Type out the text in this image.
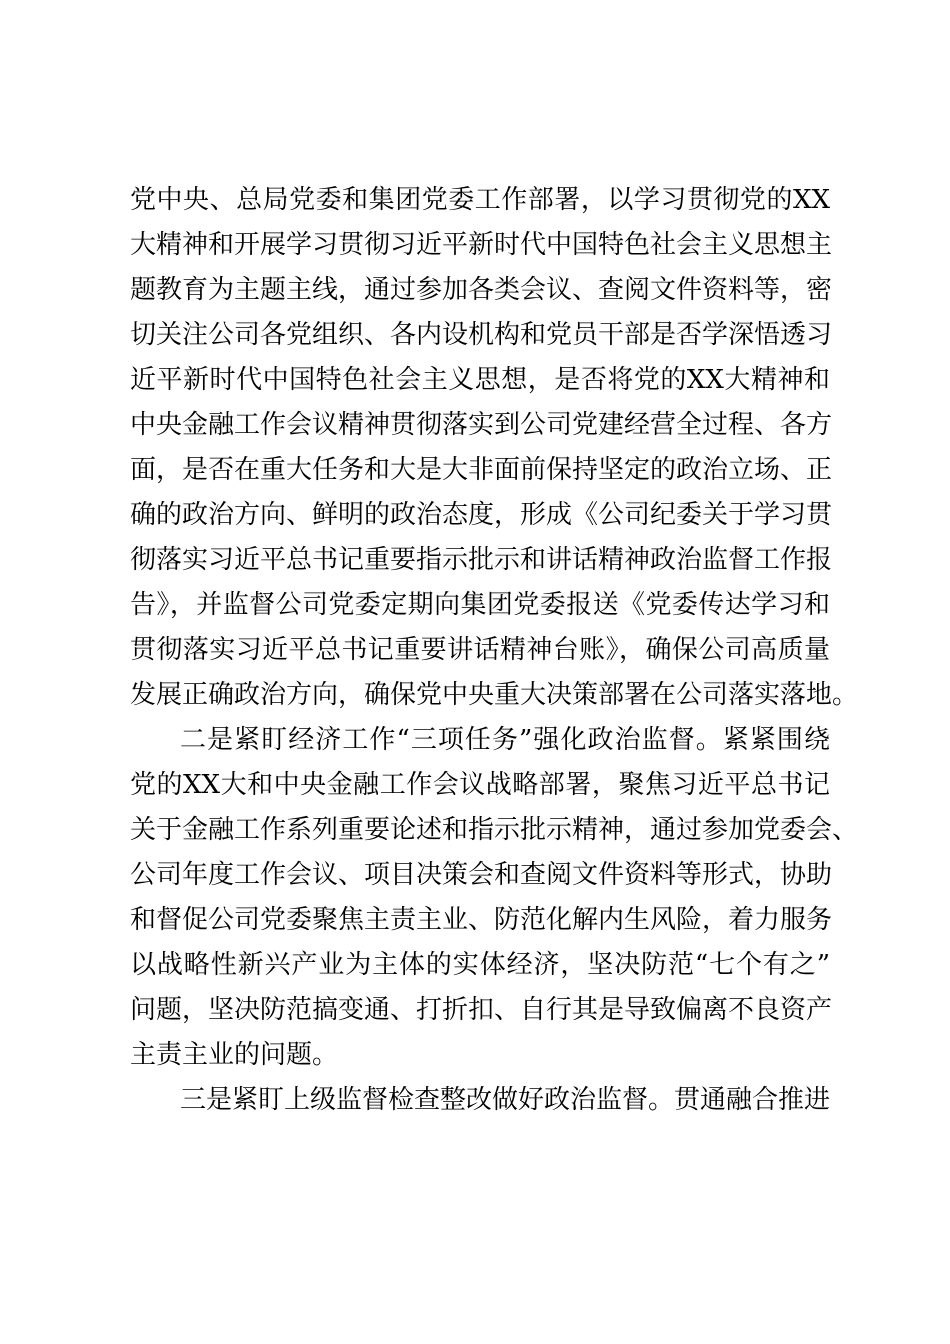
党中央、总局党委和集团党委工作部署，以学习贯彻党的XX
大精神和开展学习贯彻习近平新时代中国特色社会主义思想主
题教育为主题主线，通过参加各类会议、查阅文件资料等，密
切关注公司各党组织、各内设机构和党员干部是否学深悟透习
近平新时代中国特色社会主义思想，是否将党的XX大精神和
中央金融工作会议精神贯彻落实到公司党建经营全过程、各方
面，是否在重大任务和大是大非面前保持坚定的政治立场、正
确的政治方向、鲜明的政治态度，形成《公司纪委关于学习贯
彻落实习近平总书记重要指示批示和讲话精神政治监督工作报
告》，并监督公司党委定期向集团党委报送《党委传达学习和
贯彻落实习近平总书记重要讲话精神台账》，确保公司高质量
发展正确政治方向，确保党中央重大决策部署在公司落实落地。
二是紧盯经济工作“三项任务”强化政治监督。紧紧围绕
党的XX大和中央金融工作会议战略部署，聚焦习近平总书记
关于金融工作系列重要论述和指示批示精神，通过参加党委会、
公司年度工作会议、项目决策会和查阅文件资料等形式，协助
和督促公司党委聚焦主责主业、防范化解内生风险，着力服务
以战略性新兴产业为主体的实体经济，坚决防范“七个有之”
问题，坚决防范搞变通、打折扣、自行其是导致偏离不良资产
主责主业的问题。
三是紧盯上级监督检查整改做好政治监督。贯通融合推进
